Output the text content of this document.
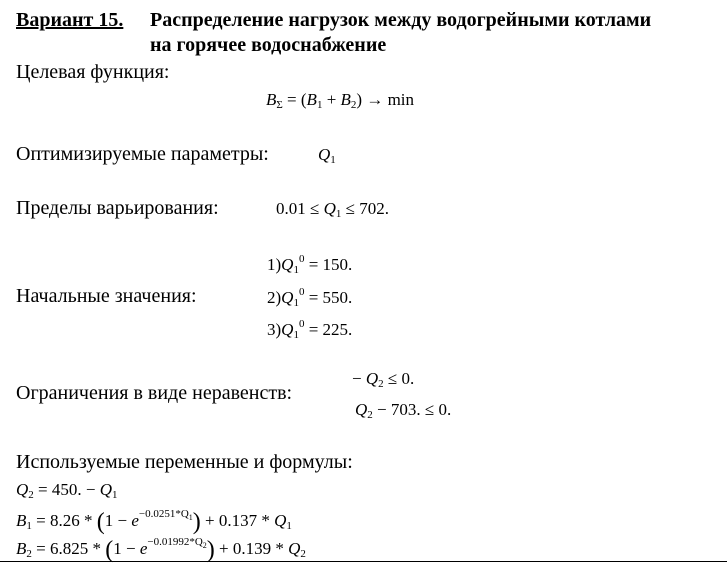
Вариант 15. Распределение нагрузок между водогрейными котлами
на горячее водоснабжение
Целевая функция:
$B_\Sigma = (B_1 + B_2) \to \min$
Оптимизируемые параметры:	$Q_1$
Пределы варьирования:	$0.01 \le Q_1 \le 702$.
Начальные значения:
$1)Q_1^0 = 150$.
$2)Q_1^0 = 550$.
$3)Q_1^0 = 225$.
Ограничения в виде неравенств:
− $Q_2 \le 0$.
$Q_2 - 703$. ≤ 0.
Используемые переменные и формулы:
$Q_2 = 450$. − $Q_1$
$B_1 = 8.26 * (1 - e^{-0.0251*Q_1}) + 0.137 * Q_1$
$B_2 = 6.825 * (1 - e^{-0.01992*Q_2}) + 0.139 * Q_2$
